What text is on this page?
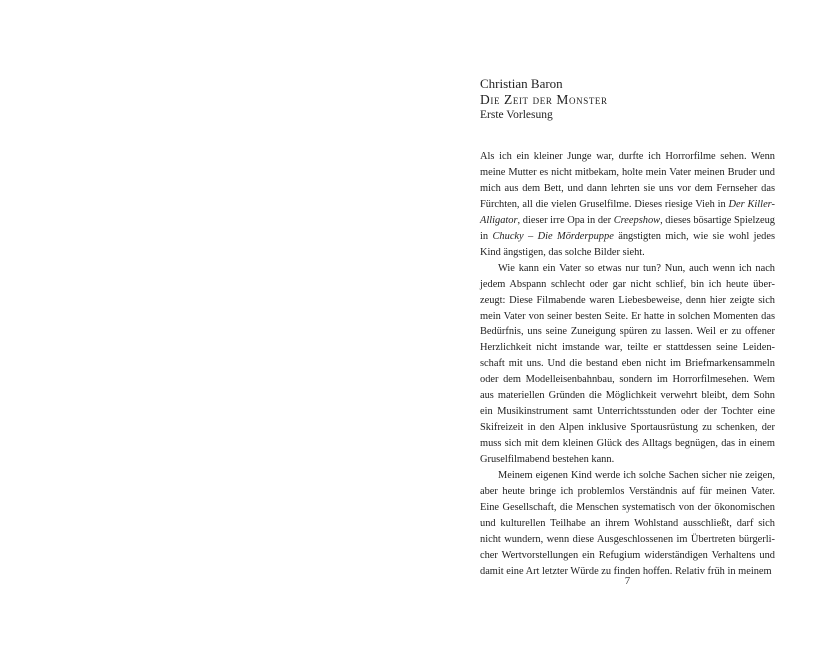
Christian Baron

Die Zeit der Monster

Erste Vorlesung

Als ich ein kleiner Junge war, durfte ich Horrorfilme sehen. Wenn meine Mutter es nicht mitbekam, holte mein Vater meinen Bruder und mich aus dem Bett, und dann lehrten sie uns vor dem Fernseher das Fürchten, all die vielen Gruselfilme. Dieses riesige Vieh in Der Killer-Alligator, dieser irre Opa in der Creepshow, dieses bösartige Spielzeug in Chucky – Die Mörderpuppe ängstigten mich, wie sie wohl jedes Kind ängstigen, das solche Bilder sieht.

Wie kann ein Vater so etwas nur tun? Nun, auch wenn ich nach jedem Abspann schlecht oder gar nicht schlief, bin ich heute überzeugt: Diese Filmabende waren Liebesbeweise, denn hier zeigte sich mein Vater von seiner besten Seite. Er hatte in solchen Momenten das Bedürfnis, uns seine Zuneigung spüren zu lassen. Weil er zu offener Herzlichkeit nicht imstande war, teilte er stattdessen seine Leidenschaft mit uns. Und die bestand eben nicht im Briefmarkensammeln oder dem Modelleisenbahnbau, sondern im Horrorfilmesehen. Wem aus materiellen Gründen die Möglichkeit verwehrt bleibt, dem Sohn ein Musikinstrument samt Unterrichtsstunden oder der Tochter eine Skifreizeit in den Alpen inklusive Sportausrüstung zu schenken, der muss sich mit dem kleinen Glück des Alltags begnügen, das in einem Gruselfilmabend bestehen kann.

Meinem eigenen Kind werde ich solche Sachen sicher nie zeigen, aber heute bringe ich problemlos Verständnis auf für meinen Vater. Eine Gesellschaft, die Menschen systematisch von der ökonomischen und kulturellen Teilhabe an ihrem Wohlstand ausschließt, darf sich nicht wundern, wenn diese Ausgeschlossenen im Übertreten bürgerlicher Wertvorstellungen ein Refugium widerständigen Verhaltens und damit eine Art letzter Würde zu finden hoffen. Relativ früh in meinem

7
